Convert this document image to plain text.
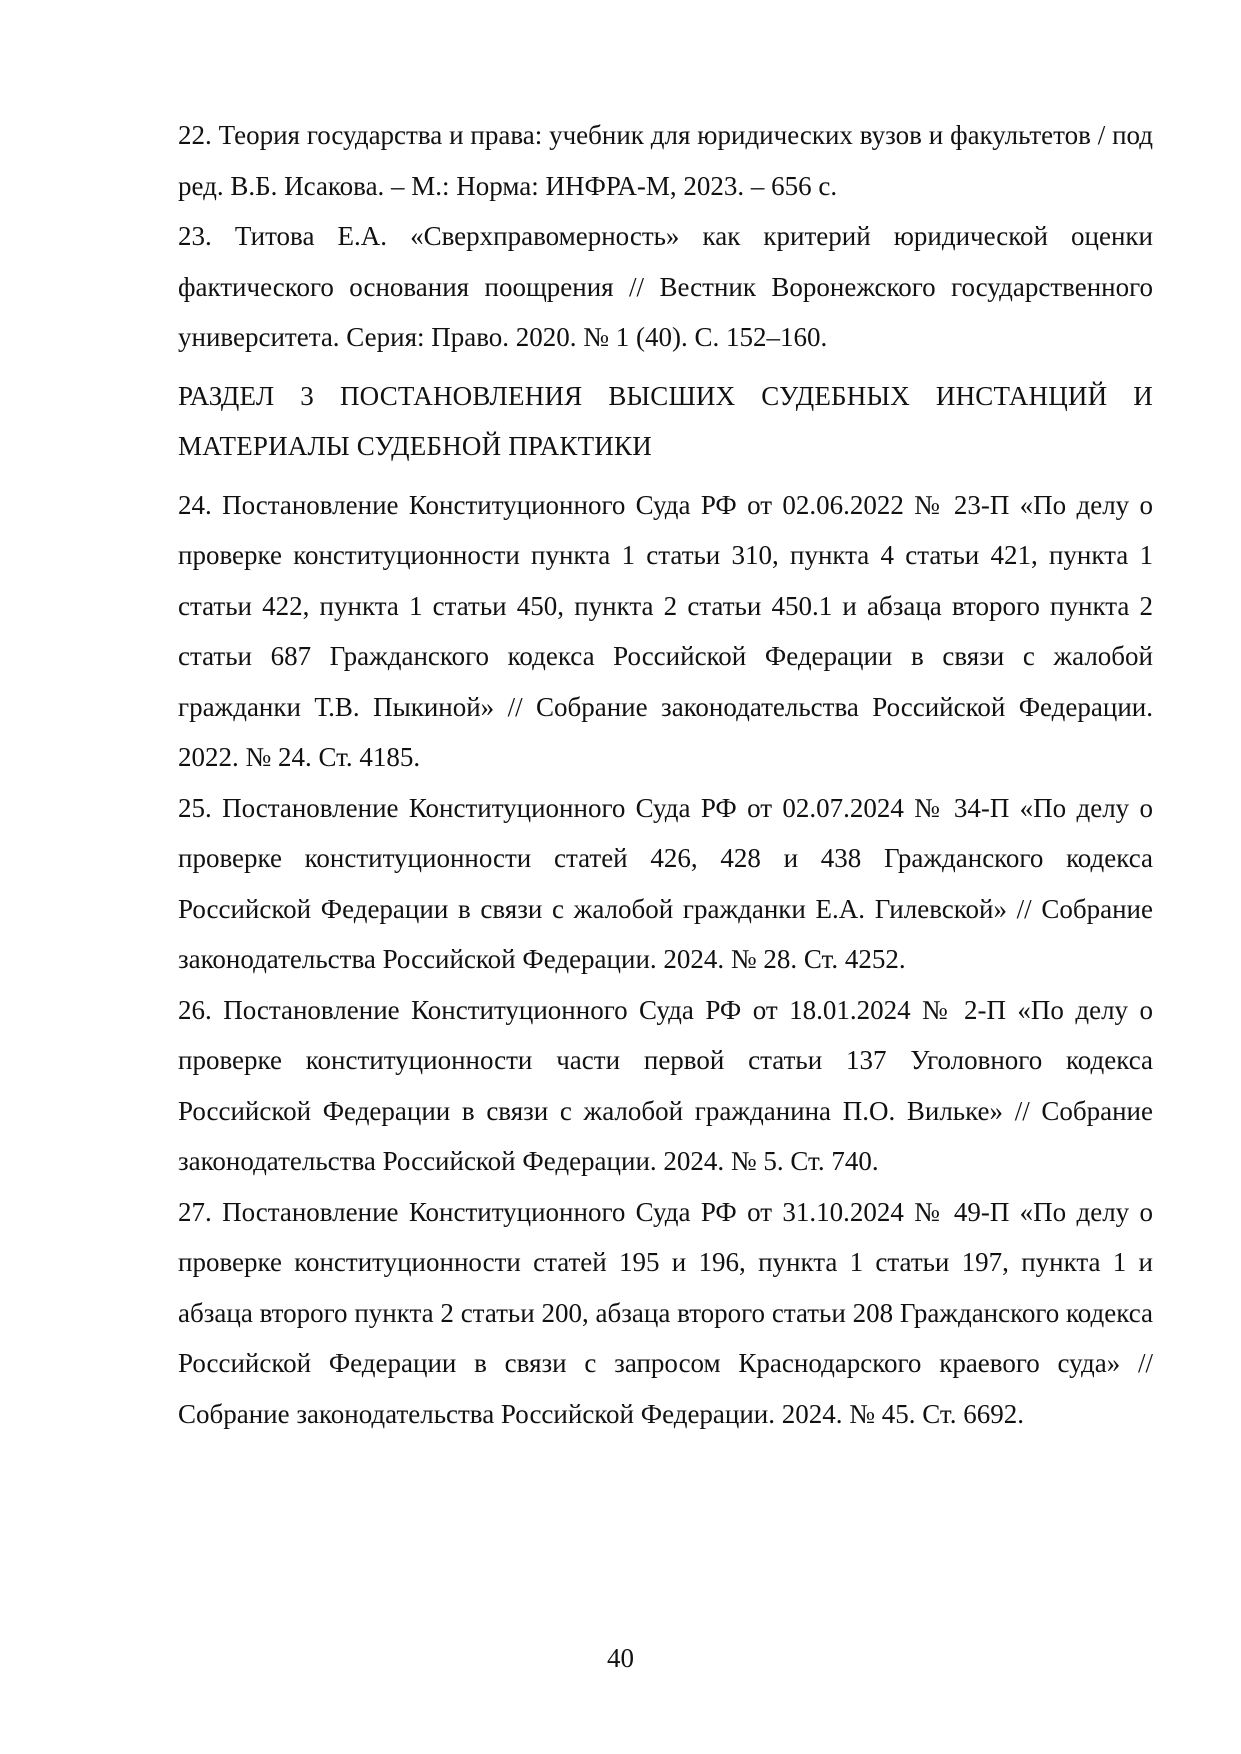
22. Теория государства и права: учебник для юридических вузов и факультетов / под ред. В.Б. Исакова. – М.: Норма: ИНФРА-М, 2023. – 656 с.

23. Титова Е.А. «Сверхправомерность» как критерий юридической оценки фактического основания поощрения // Вестник Воронежского государственного университета. Серия: Право. 2020. № 1 (40). С. 152–160.

РАЗДЕЛ 3 ПОСТАНОВЛЕНИЯ ВЫСШИХ СУДЕБНЫХ ИНСТАНЦИЙ И МАТЕРИАЛЫ СУДЕБНОЙ ПРАКТИКИ

24. Постановление Конституционного Суда РФ от 02.06.2022 № 23-П «По делу о проверке конституционности пункта 1 статьи 310, пункта 4 статьи 421, пункта 1 статьи 422, пункта 1 статьи 450, пункта 2 статьи 450.1 и абзаца второго пункта 2 статьи 687 Гражданского кодекса Российской Федерации в связи с жалобой гражданки Т.В. Пыкиной» // Собрание законодательства Российской Федерации. 2022. № 24. Ст. 4185.

25. Постановление Конституционного Суда РФ от 02.07.2024 № 34-П «По делу о проверке конституционности статей 426, 428 и 438 Гражданского кодекса Российской Федерации в связи с жалобой гражданки Е.А. Гилевской» // Собрание законодательства Российской Федерации. 2024. № 28. Ст. 4252.

26. Постановление Конституционного Суда РФ от 18.01.2024 № 2-П «По делу о проверке конституционности части первой статьи 137 Уголовного кодекса Российской Федерации в связи с жалобой гражданина П.О. Вильке» // Собрание законодательства Российской Федерации. 2024. № 5. Ст. 740.

27. Постановление Конституционного Суда РФ от 31.10.2024 № 49-П «По делу о проверке конституционности статей 195 и 196, пункта 1 статьи 197, пункта 1 и абзаца второго пункта 2 статьи 200, абзаца второго статьи 208 Гражданского кодекса Российской Федерации в связи с запросом Краснодарского краевого суда» // Собрание законодательства Российской Федерации. 2024. № 45. Ст. 6692.

40
